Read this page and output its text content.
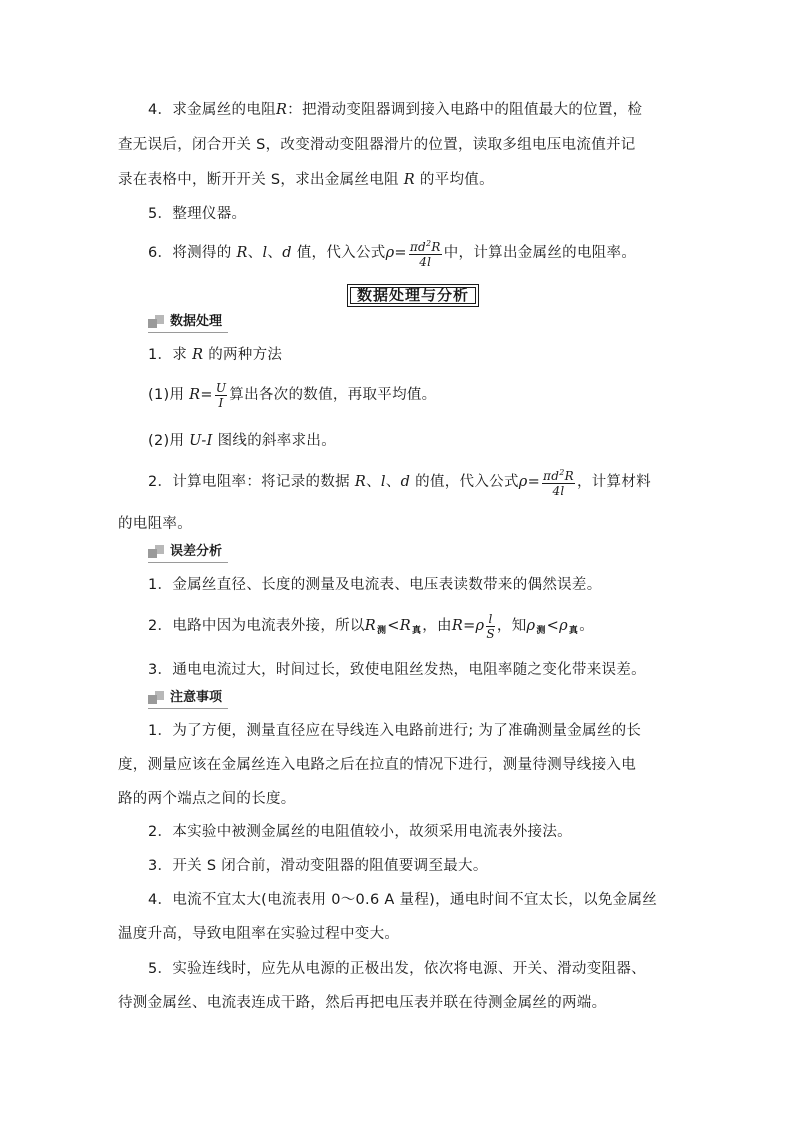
4．求金属丝的电阻R：把滑动变阻器调到接入电路中的阻值最大的位置，检
查无误后，闭合开关 S，改变滑动变阻器滑片的位置，读取多组电压电流值并记
录在表格中，断开开关 S，求出金属丝电阻 R 的平均值。
5．整理仪器。
6．将测得的 R、l、d 值，代入公式$\rho= \frac{\pi d^2R}{4l}$ 中，计算出金属丝的电阻率。
数据处理与分析
数据处理
1．求 R 的两种方法
(1)用 $R= \frac{U}{I}$ 算出各次的数值，再取平均值。
(2)用 U-I 图线的斜率求出。
2．计算电阻率：将记录的数据 R、l、d 的值，代入公式$\rho= \frac{\pi d^2R}{4l}$ ，计算材料
的电阻率。
误差分析
1．金属丝直径、长度的测量及电流表、电压表读数带来的偶然误差。
2．电路中因为电流表外接，所以$R_测<R_真$，由$R=\rho \frac{l}{S}$ ，知$\rho_测<\rho_真$。
3．通电电流过大，时间过长，致使电阻丝发热，电阻率随之变化带来误差。
注意事项
1．为了方便，测量直径应在导线连入电路前进行; 为了准确测量金属丝的长
度，测量应该在金属丝连入电路之后在拉直的情况下进行，测量待测导线接入电
路的两个端点之间的长度。
2．本实验中被测金属丝的电阻值较小，故须采用电流表外接法。
3．开关 S 闭合前，滑动变阻器的阻值要调至最大。
4．电流不宜太大(电流表用 0～0.6 A 量程)，通电时间不宜太长，以免金属丝
温度升高，导致电阻率在实验过程中变大。
5．实验连线时，应先从电源的正极出发，依次将电源、开关、滑动变阻器、
待测金属丝、电流表连成干路，然后再把电压表并联在待测金属丝的两端。
